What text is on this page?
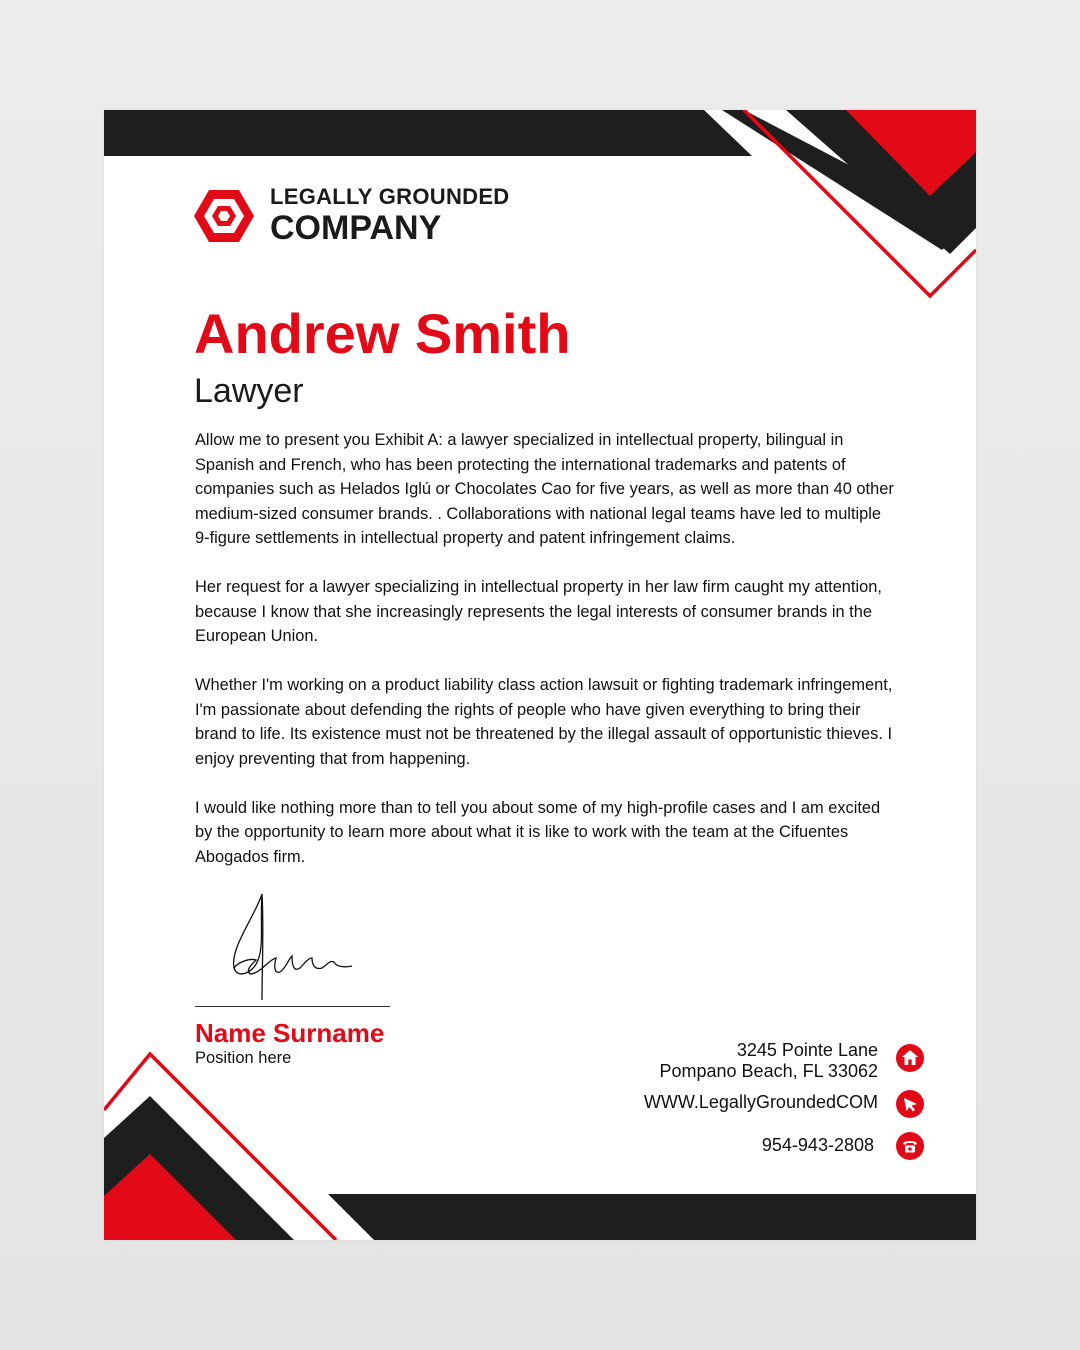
LEGALLY GROUNDED
COMPANY
Andrew Smith
Lawyer

Allow me to present you Exhibit A: a lawyer specialized in intellectual property, bilingual in Spanish and French, who has been protecting the international trademarks and patents of companies such as Helados Iglú or Chocolates Cao for five years, as well as more than 40 other medium-sized consumer brands. . Collaborations with national legal teams have led to multiple 9-figure settlements in intellectual property and patent infringement claims.

Her request for a lawyer specializing in intellectual property in her law firm caught my attention, because I know that she increasingly represents the legal interests of consumer brands in the European Union.

Whether I'm working on a product liability class action lawsuit or fighting trademark infringement, I'm passionate about defending the rights of people who have given everything to bring their brand to life. Its existence must not be threatened by the illegal assault of opportunistic thieves. I enjoy preventing that from happening.

I would like nothing more than to tell you about some of my high-profile cases and I am excited by the opportunity to learn more about what it is like to work with the team at the Cifuentes Abogados firm.

Name Surname
Position here	3245 Pointe Lane
Pompano Beach, FL 33062
WWW.LegallyGroundedCOM
954-943-2808
